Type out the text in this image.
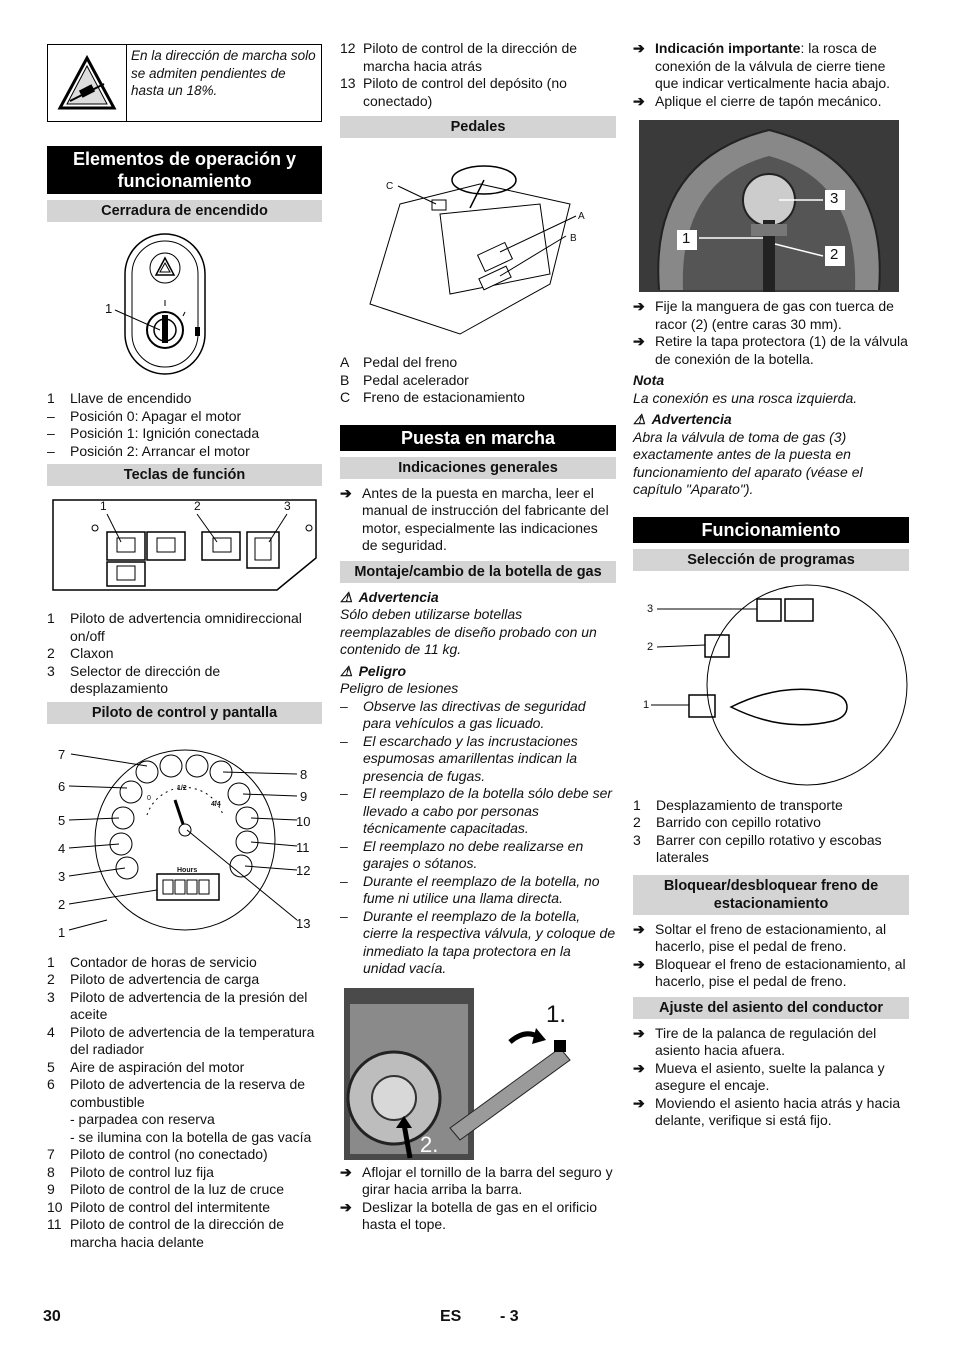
En la dirección de marcha solo se admiten pendientes de hasta un 18%.
Elementos de operación y funcionamiento
Cerradura de encendido
1
1	Llave de encendido
–	Posición 0: Apagar el motor
–	Posición 1: Ignición conectada
–	Posición 2: Arrancar el motor
Teclas de función
1	2	3
1	Piloto de advertencia omnidireccional on/off
2	Claxon
3	Selector de dirección de desplazamiento
Piloto de control y pantalla
0
1/2
4/4
Hours
7
6
5
4
3
2
1
8
9
10
11
12
13
1	Contador de horas de servicio
2	Piloto de advertencia de carga
3	Piloto de advertencia de la presión del aceite
4	Piloto de advertencia de la temperatura del radiador
5	Aire de aspiración del motor
6	Piloto de advertencia de la reserva de combustible
- parpadea con reserva
- se ilumina con la botella de gas vacía
7	Piloto de control (no conectado)
8	Piloto de control luz fija
9	Piloto de control de la luz de cruce
10 Piloto de control del intermitente
11 Piloto de control de la dirección de marcha hacia delante
12 Piloto de control de la dirección de marcha hacia atrás
13 Piloto de control del depósito (no conectado)
Pedales
C
A
B
A Pedal del freno
B Pedal acelerador
C Freno de estacionamiento
Puesta en marcha
Indicaciones generales
➔ Antes de la puesta en marcha, leer el manual de instrucción del fabricante del motor, especialmente las indicaciones de seguridad.
Montaje/cambio de la botella de gas
⚠ Advertencia
Sólo deben utilizarse botellas reemplazables de diseño probado con un contenido de 11 kg.
⚠ Peligro
Peligro de lesiones
–	Observe las directivas de seguridad para vehículos a gas licuado.
–	El escarchado y las incrustaciones espumosas amarillentas indican la presencia de fugas.
–	El reemplazo de la botella sólo debe ser llevado a cabo por personas técnicamente capacitadas.
–	El reemplazo no debe realizarse en garajes o sótanos.
–	Durante el reemplazo de la botella, no fume ni utilice una llama directa.
–	Durante el reemplazo de la botella, cierre la respectiva válvula, y coloque de inmediato la tapa protectora en la unidad vacía.
1.
2.
➔ Aflojar el tornillo de la barra del seguro y girar hacia arriba la barra.
➔ Deslizar la botella de gas en el orificio hasta el tope.
➔ Indicación importante: la rosca de conexión de la válvula de cierre tiene que indicar verticalmente hacia abajo.
➔ Aplique el cierre de tapón mecánico.
3
1
2
➔ Fije la manguera de gas con tuerca de racor (2) (entre caras 30 mm).
➔ Retire la tapa protectora (1) de la válvula de conexión de la botella.
Nota
La conexión es una rosca izquierda.
⚠ Advertencia
Abra la válvula de toma de gas (3) exactamente antes de la puesta en funcionamiento del aparato (véase el capítulo "Aparato").
Funcionamiento
Selección de programas
3
2
1
1	Desplazamiento de transporte
2	Barrido con cepillo rotativo
3	Barrer con cepillo rotativo y escobas laterales
Bloquear/desbloquear freno de estacionamiento
➔ Soltar el freno de estacionamiento, al hacerlo, pise el pedal de freno.
➔ Bloquear el freno de estacionamiento, al hacerlo, pise el pedal de freno.
Ajuste del asiento del conductor
➔ Tire de la palanca de regulación del asiento hacia afuera.
➔ Mueva el asiento, suelte la palanca y asegure el encaje.
➔ Moviendo el asiento hacia atrás y hacia delante, verifique si está fijo.
30	ES - 3
